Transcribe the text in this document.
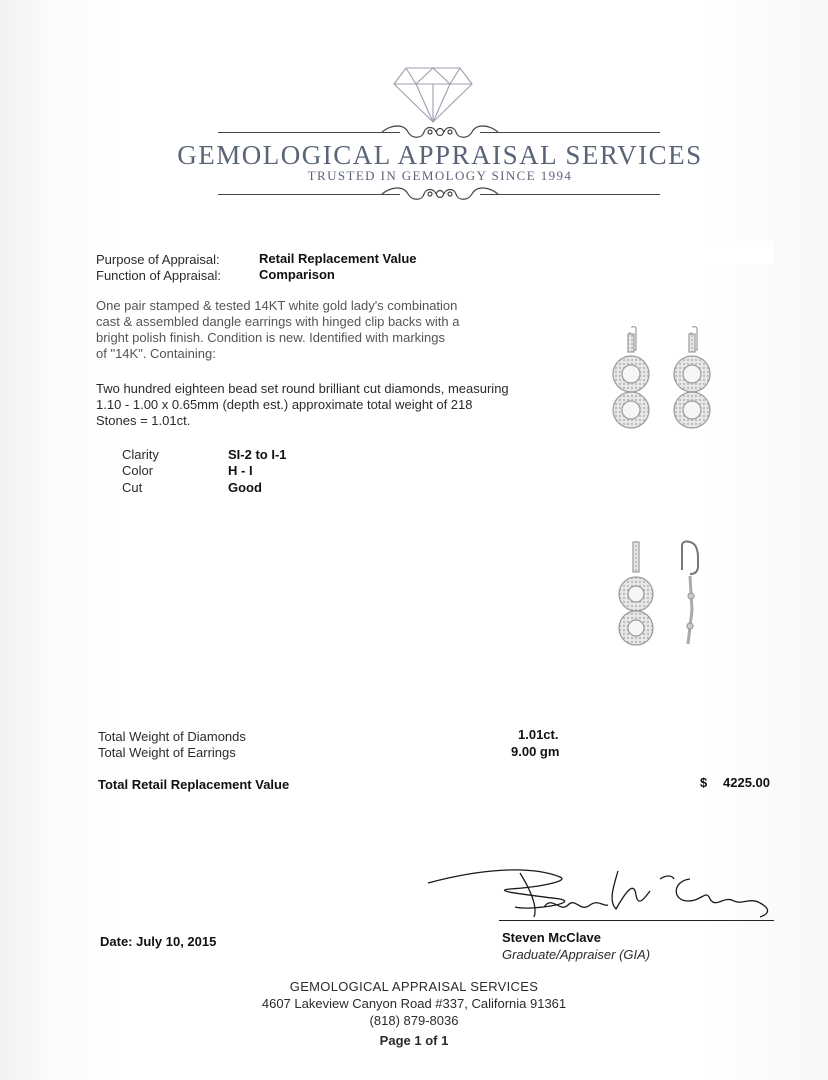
GEMOLOGICAL APPRAISAL SERVICES
TRUSTED IN GEMOLOGY SINCE 1994
Purpose of Appraisal:	Retail Replacement Value
Function of Appraisal:	Comparison
One pair stamped & tested 14KT white gold lady's combination
cast & assembled dangle earrings with hinged clip backs with a
bright polish finish. Condition is new. Identified with markings
of "14K". Containing:
Two hundred eighteen bead set round brilliant cut diamonds, measuring
1.10 - 1.00 x 0.65mm (depth est.) approximate total weight of 218
Stones = 1.01ct.
Clarity	SI-2 to I-1
Color	H - I
Cut	Good
Total Weight of Diamonds	1.01ct.
Total Weight of Earrings	9.00 gm
Total Retail Replacement Value	$ 4225.00
Date: July 10, 2015	Steven McClave
Graduate/Appraiser (GIA)
GEMOLOGICAL APPRAISAL SERVICES
4607 Lakeview Canyon Road #337, California 91361
(818) 879-8036
Page 1 of 1
